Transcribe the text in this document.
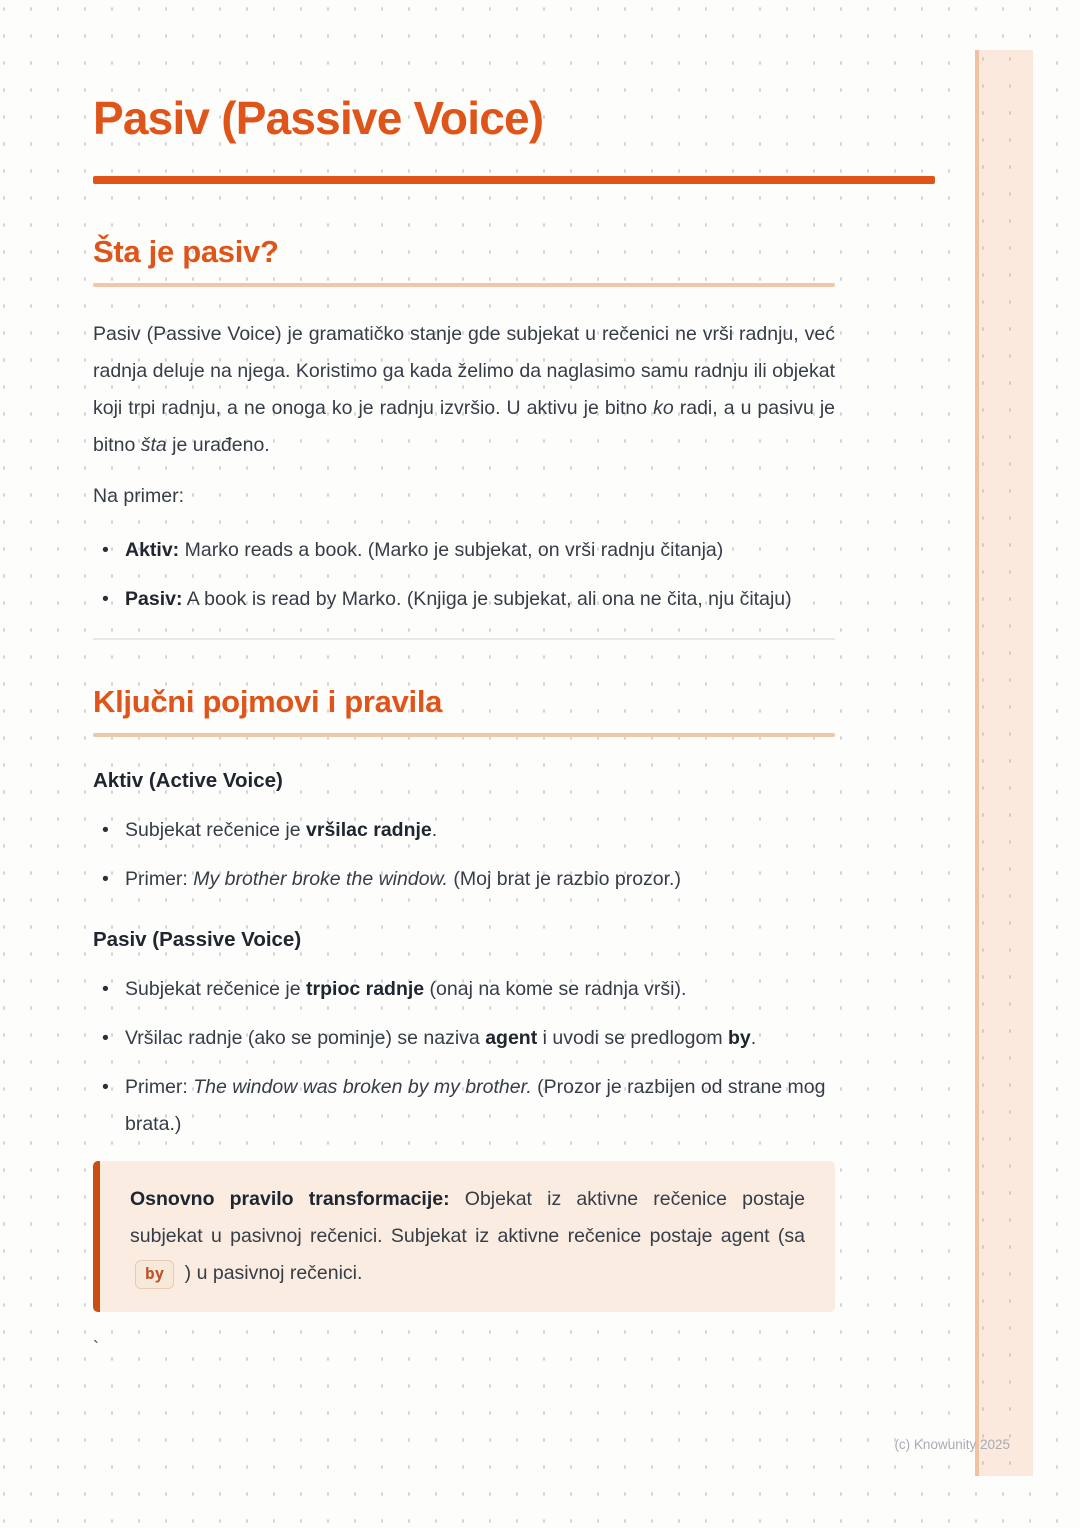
Pasiv (Passive Voice)
Šta je pasiv?

Pasiv (Passive Voice) je gramatičko stanje gde subjekat u rečenici ne vrši radnju, već radnja deluje na njega. Koristimo ga kada želimo da naglasimo samu radnju ili objekat koji trpi radnju, a ne onoga ko je radnju izvršio. U aktivu je bitno ko radi, a u pasivu je bitno šta je urađeno.

Na primer:

• Aktiv: Marko reads a book. (Marko je subjekat, on vrši radnju čitanja)
• Pasiv: A book is read by Marko. (Knjiga je subjekat, ali ona ne čita, nju čitaju)
Ključni pojmovi i pravila
Aktiv (Active Voice)
• Subjekat rečenice je vršilac radnje.
• Primer: My brother broke the window. (Moj brat je razbio prozor.)
Pasiv (Passive Voice)
• Subjekat rečenice je trpioc radnje (onaj na kome se radnja vrši).
• Vršilac radnje (ako se pominje) se naziva agent i uvodi se predlogom by.
• Primer: The window was broken by my brother. (Prozor je razbijen od strane mog brata.)
Osnovno pravilo transformacije: Objekat iz aktivne rečenice postaje subjekat u pasivnoj rečenici. Subjekat iz aktivne rečenice postaje agent (sa by ) u pasivnoj rečenici.
`
(c) Knowunity 2025
